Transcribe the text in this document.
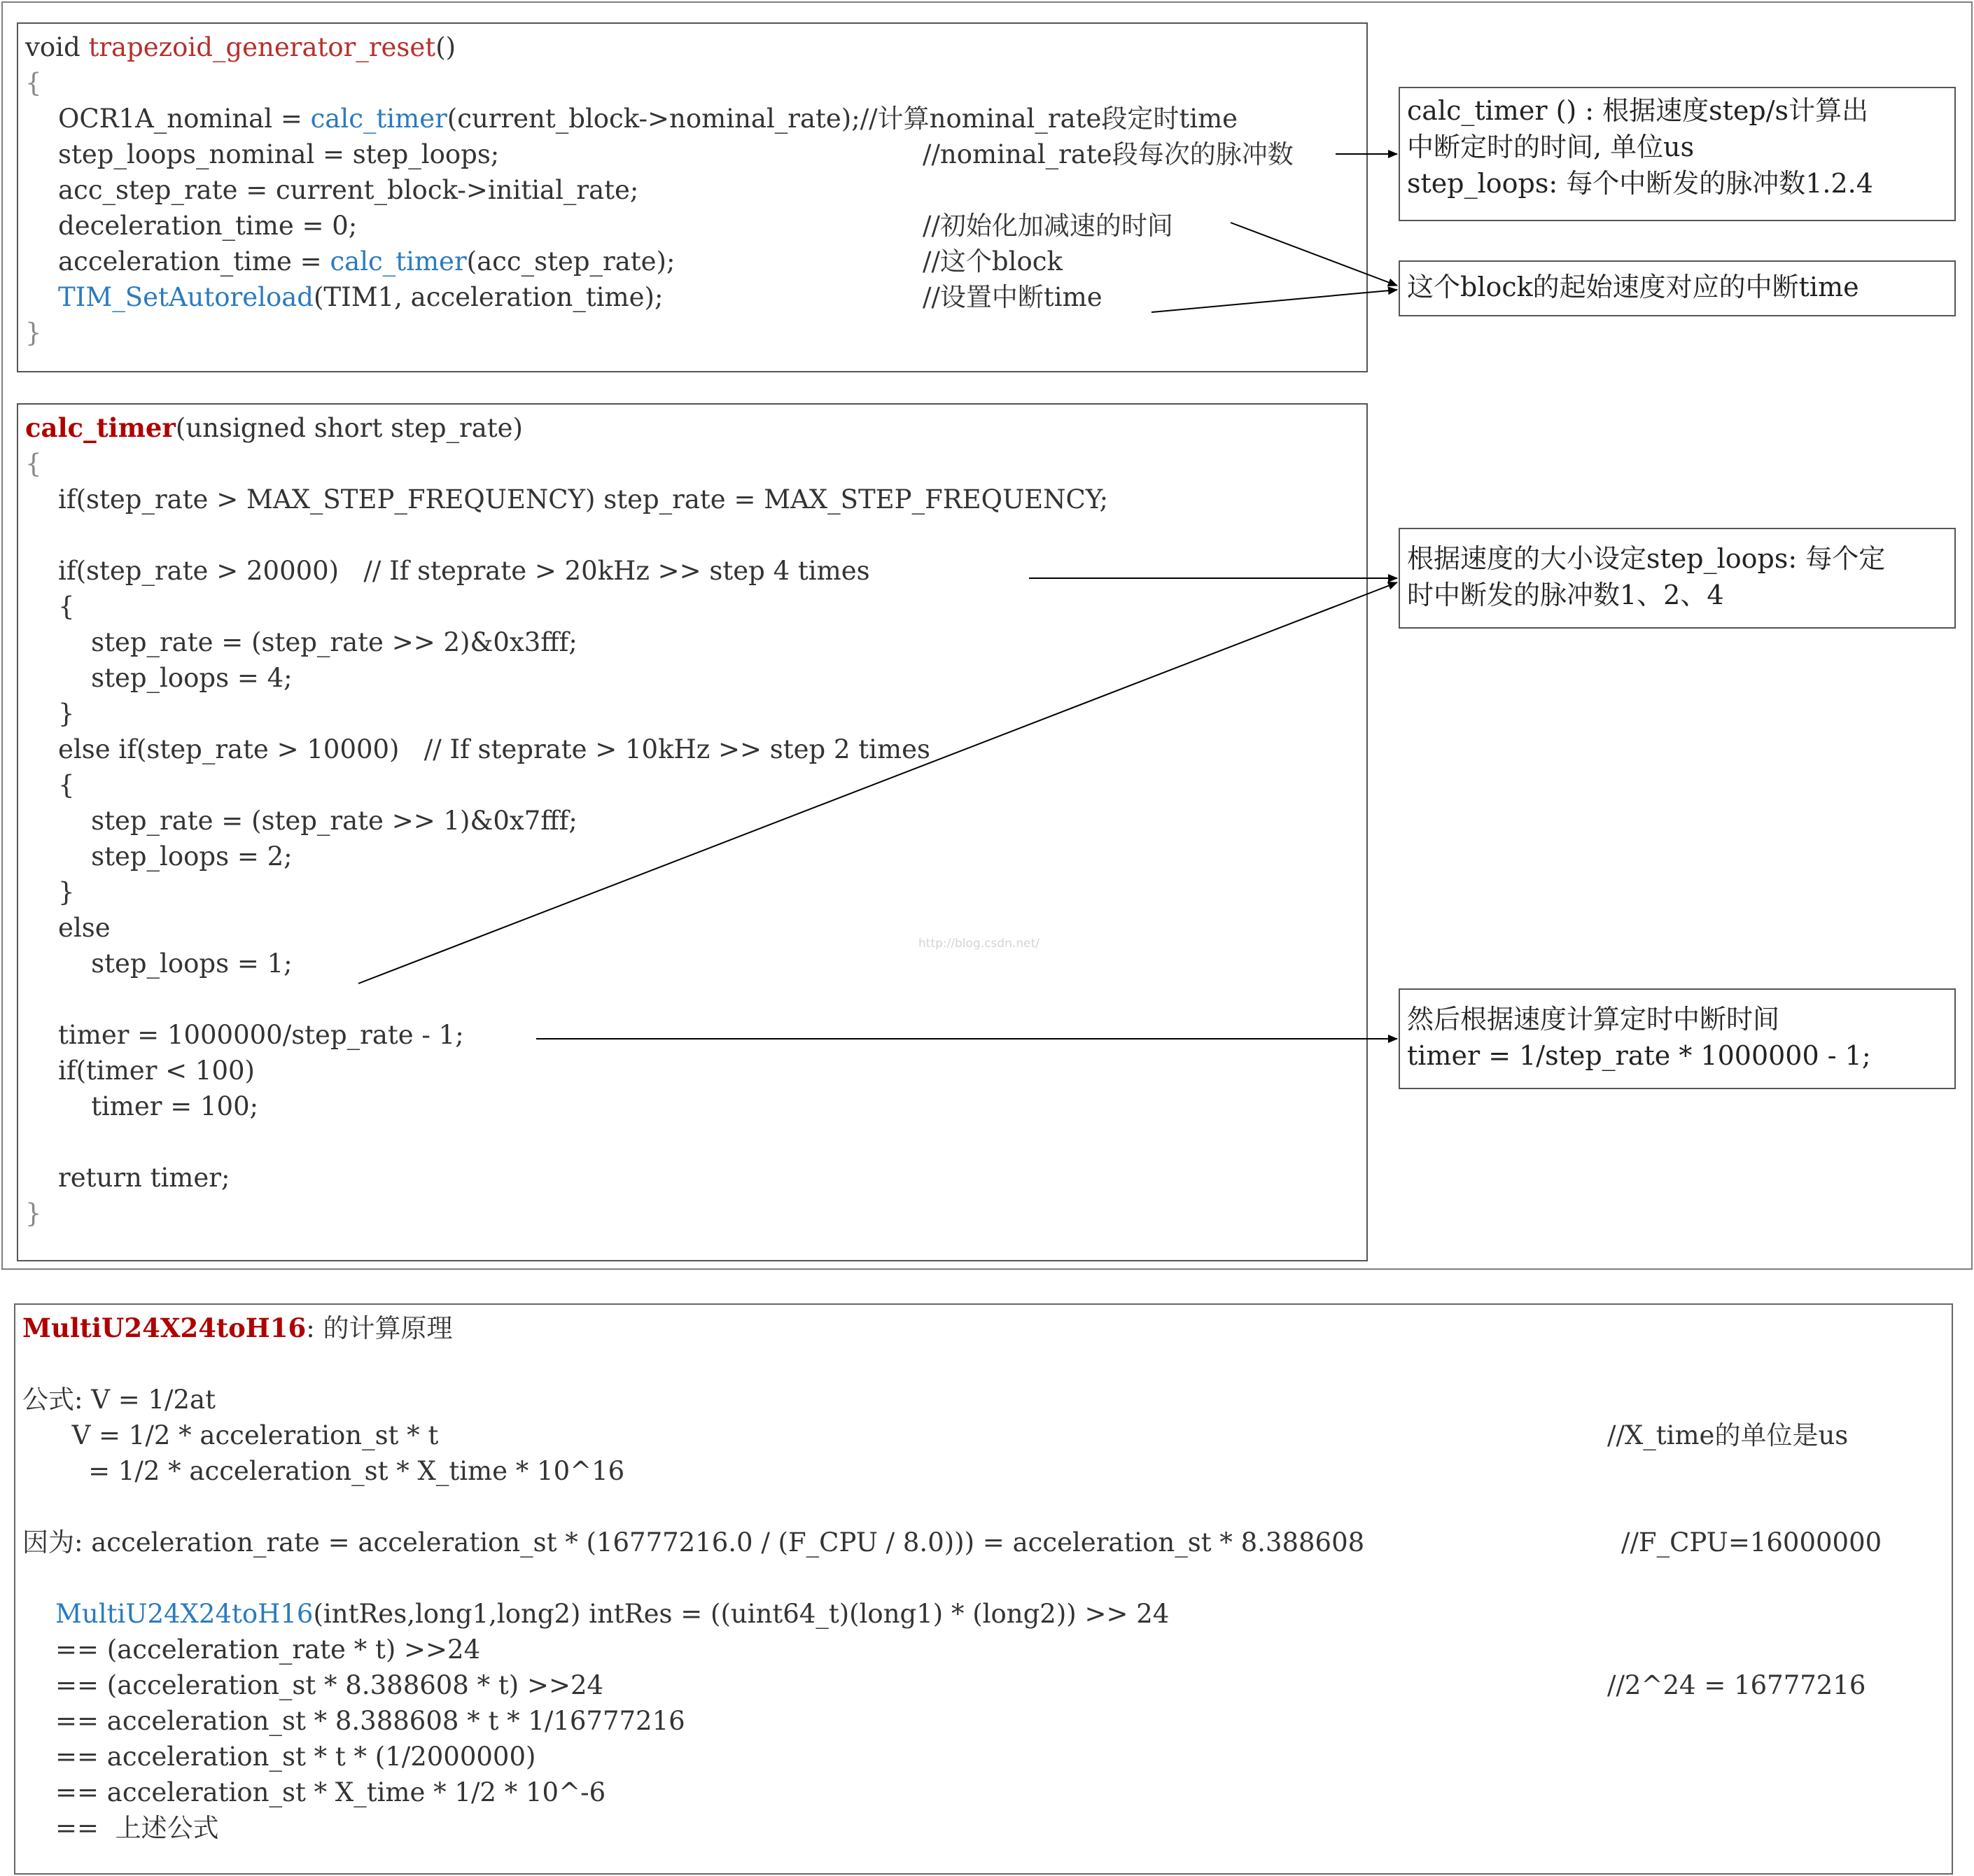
void trapezoid_generator_reset()
{
OCR1A_nominal = calc_timer(current_block->nominal_rate);//计算nominal_rate段定时time
step_loops_nominal = step_loops;	//nominal_rate段每次的脉冲数
acc_step_rate = current_block->initial_rate;
deceleration_time = 0;	//初始化加减速的时间
acceleration_time = calc_timer(acc_step_rate);	//这个block
TIM_SetAutoreload(TIM1, acceleration_time);	//设置中断time
}
calc_timer(unsigned short step_rate)
{
if(step_rate > MAX_STEP_FREQUENCY) step_rate = MAX_STEP_FREQUENCY;
if(step_rate > 20000)   // If steprate > 20kHz >> step 4 times
{
step_rate = (step_rate >> 2)&0x3fff;
step_loops = 4;
}
else if(step_rate > 10000)   // If steprate > 10kHz >> step 2 times
{
step_rate = (step_rate >> 1)&0x7fff;
step_loops = 2;
}
else
step_loops = 1;
timer = 1000000/step_rate - 1;
if(timer < 100)
timer = 100;
return timer;
}
calc_timer () : 根据速度step/s计算出
中断定时的时间, 单位us
step_loops: 每个中断发的脉冲数1.2.4
这个block的起始速度对应的中断time
根据速度的大小设定step_loops: 每个定
时中断发的脉冲数1、2、4
然后根据速度计算定时中断时间
timer = 1/step_rate * 1000000 - 1;
http://blog.csdn.net/
MultiU24X24toH16: 的计算原理
公式: V = 1/2at
V = 1/2 * acceleration_st * t	//X_time的单位是us
= 1/2 * acceleration_st * X_time * 10^16
因为: acceleration_rate = acceleration_st * (16777216.0 / (F_CPU / 8.0))) = acceleration_st * 8.388608	//F_CPU=16000000
MultiU24X24toH16(intRes,long1,long2) intRes = ((uint64_t)(long1) * (long2)) >> 24
== (acceleration_rate * t) >>24
== (acceleration_st * 8.388608 * t) >>24	//2^24 = 16777216
== acceleration_st * 8.388608 * t * 1/16777216
== acceleration_st * t * (1/2000000)
== acceleration_st * X_time * 1/2 * 10^-6
==  上述公式
